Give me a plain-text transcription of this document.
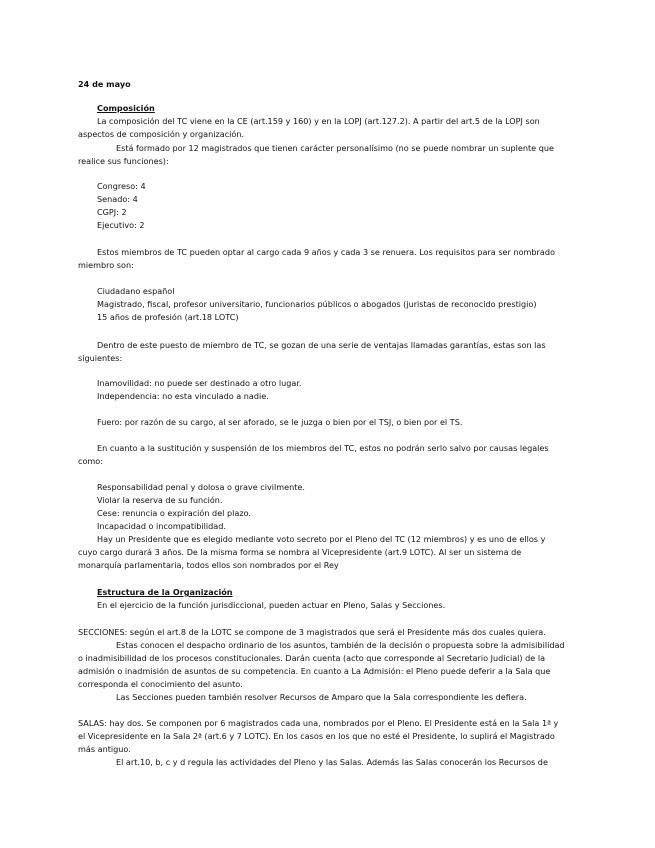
24 de mayo
Composición
La composición del TC viene en la CE (art.159 y 160) y en la LOPJ (art.127.2). A partir del art.5 de la LOPJ son
aspectos de composición y organización.
Está formado por 12 magistrados que tienen carácter personalísimo (no se puede nombrar un suplente que
realice sus funciones):
Congreso: 4
Senado: 4
CGPJ: 2
Ejecutivo: 2
Estos miembros de TC pueden optar al cargo cada 9 años y cada 3 se renuera. Los requisitos para ser nombrado
miembro son:
Ciudadano español
Magistrado, fiscal, profesor universitario, funcionarios públicos o abogados (juristas de reconocido prestigio)
15 años de profesión (art.18 LOTC)
Dentro de este puesto de miembro de TC, se gozan de una serie de ventajas llamadas garantías, estas son las
siguientes:
Inamovilidad: no puede ser destinado a otro lugar.
Independencia: no esta vinculado a nadie.
Fuero: por razón de su cargo, al ser aforado, se le juzga o bien por el TSJ, o bien por el TS.
En cuanto a la sustitución y suspensión de los miembros del TC, estos no podrán serlo salvo por causas legales
como:
Responsabilidad penal y dolosa o grave civilmente.
Violar la reserva de su función.
Cese: renuncia o expiración del plazo.
Incapacidad o incompatibilidad.
Hay un Presidente que es elegido mediante voto secreto por el Pleno del TC (12 miembros) y es uno de ellos y
cuyo cargo durará 3 años. De la misma forma se nombra al Vicepresidente (art.9 LOTC). Al ser un sistema de
monarquía parlamentaria, todos ellos son nombrados por el Rey
Estructura de la Organización
En el ejercicio de la función jurisdiccional, pueden actuar en Pleno, Salas y Secciones.
SECCIONES: según el art.8 de la LOTC se compone de 3 magistrados que será el Presidente más dos cuales quiera.
Estas conocen el despacho ordinario de los asuntos, también de la decisión o propuesta sobre la admisibilidad
o inadmisibilidad de los procesos constitucionales. Darán cuenta (acto que corresponde al Secretario Judicial) de la
admisión o inadmisión de asuntos de su competencia. En cuanto a La Admisión: el Pleno puede deferir a la Sala que
corresponda el conocimiento del asunto.
Las Secciones pueden también resolver Recursos de Amparo que la Sala correspondiente les defiera.
SALAS: hay dos. Se componen por 6 magistrados cada una, nombrados por el Pleno. El Presidente está en la Sala 1ª y
el Vicepresidente en la Sala 2ª (art.6 y 7 LOTC). En los casos en los que no esté el Presidente, lo suplirá el Magistrado
más antiguo.
El art.10, b, c y d regula las actividades del Pleno y las Salas. Además las Salas conocerán los Recursos de
